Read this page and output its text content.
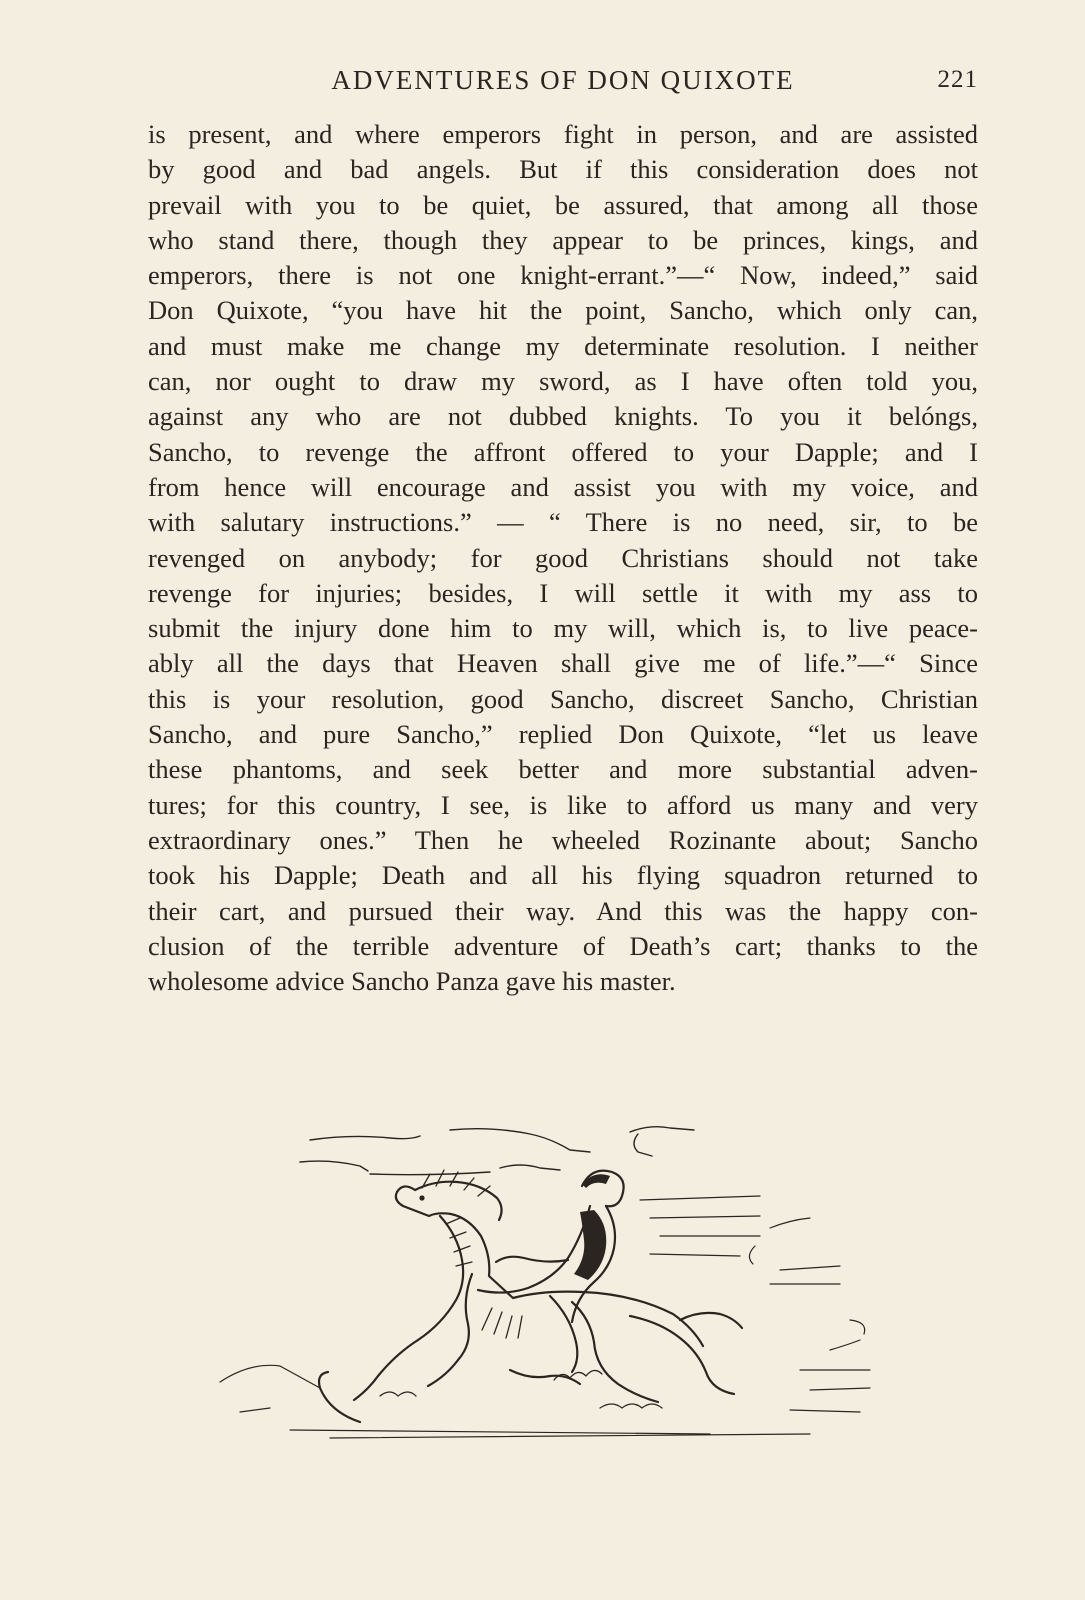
ADVENTURES OF DON QUIXOTE	221
is present, and where emperors fight in person, and are assisted
by good and bad angels. But if this consideration does not
prevail with you to be quiet, be assured, that among all those
who stand there, though they appear to be princes, kings, and
emperors, there is not one knight-errant.”—“ Now, indeed,” said
Don Quixote, “you have hit the point, Sancho, which only can,
and must make me change my determinate resolution. I neither
can, nor ought to draw my sword, as I have often told you,
against any who are not dubbed knights. To you it belóngs,
Sancho, to revenge the affront offered to your Dapple; and I
from hence will encourage and assist you with my voice, and
with salutary instructions.” — “ There is no need, sir, to be
revenged on anybody; for good Christians should not take
revenge for injuries; besides, I will settle it with my ass to
submit the injury done him to my will, which is, to live peace-
ably all the days that Heaven shall give me of life.”—“ Since
this is your resolution, good Sancho, discreet Sancho, Christian
Sancho, and pure Sancho,” replied Don Quixote, “let us leave
these phantoms, and seek better and more substantial adven-
tures; for this country, I see, is like to afford us many and very
extraordinary ones.” Then he wheeled Rozinante about; Sancho
took his Dapple; Death and all his flying squadron returned to
their cart, and pursued their way. And this was the happy con-
clusion of the terrible adventure of Death’s cart; thanks to the
wholesome advice Sancho Panza gave his master.
